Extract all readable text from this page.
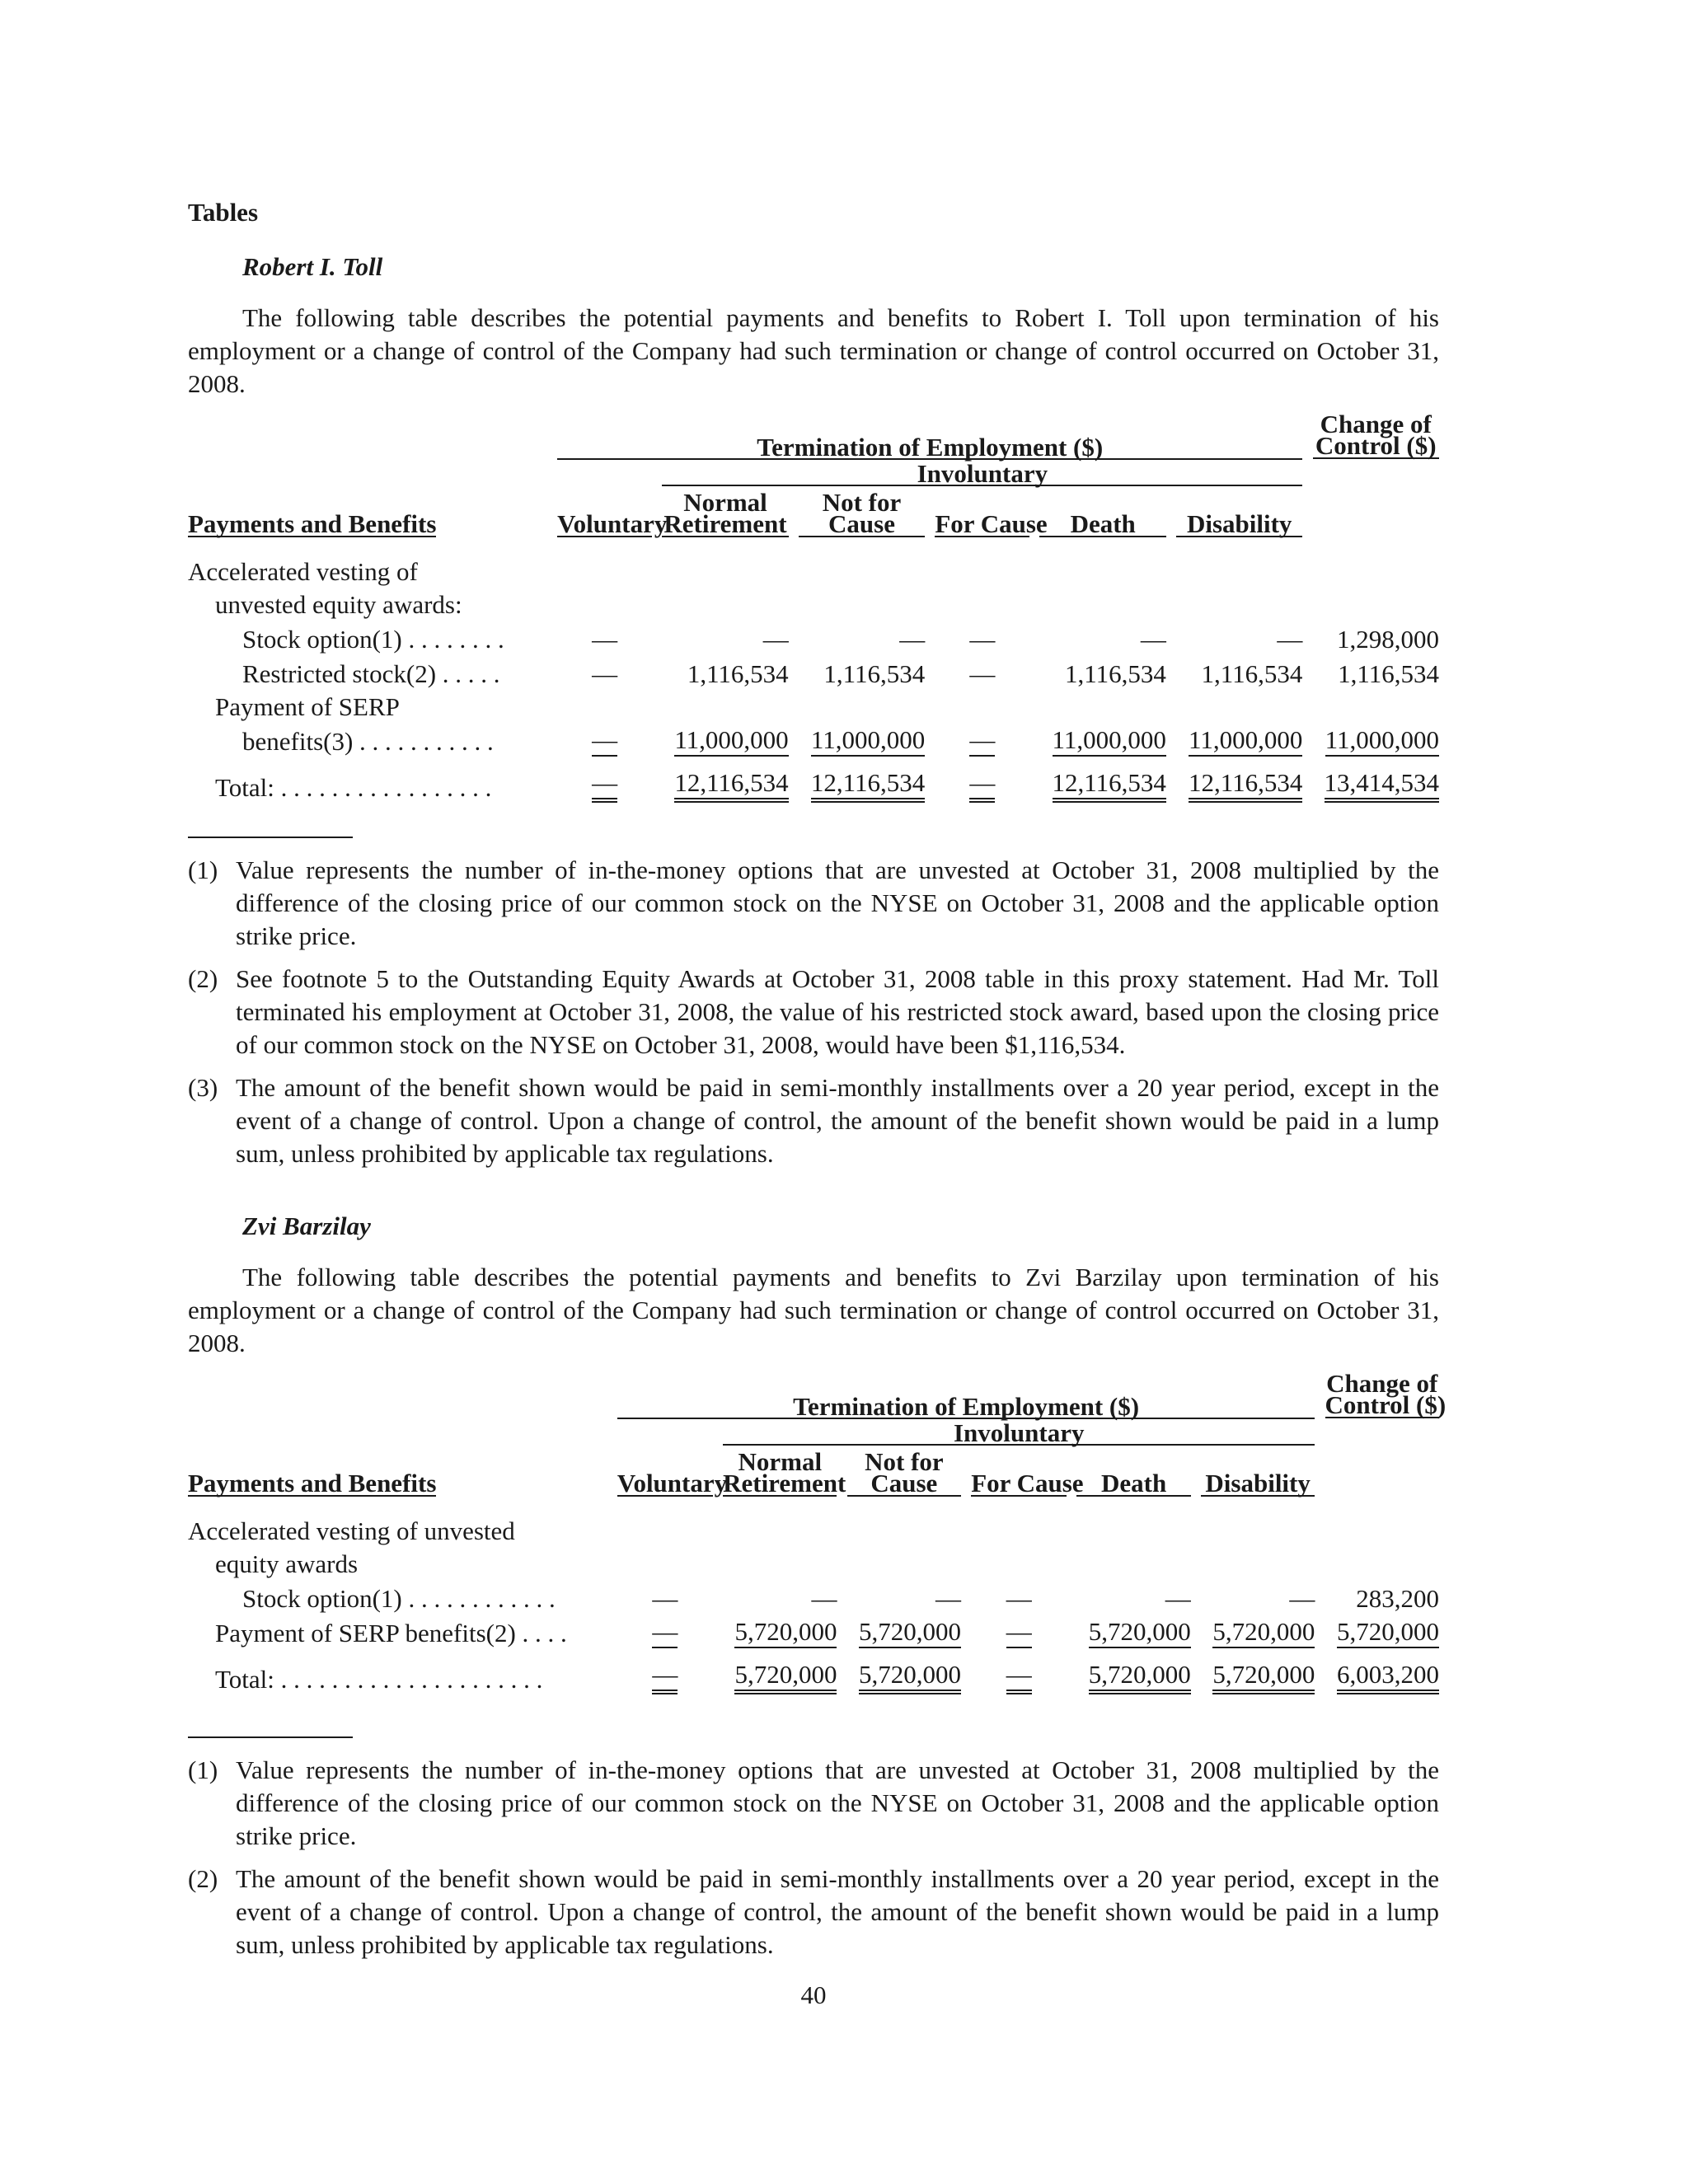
Tables
Robert I. Toll

The following table describes the potential payments and benefits to Robert I. Toll upon termination of his employment or a change of control of the Company had such termination or change of control occurred on October 31, 2008.

														Change of
		Termination of Employment ($)												Control ($)
				Involuntary										
				Normal		Not for								
Payments and Benefits		Voluntary		Retirement		Cause		For Cause		Death		Disability		

Accelerated vesting of														
unvested equity awards:														
Stock option(1) . . . . . . . .		—		—		—		—		—		—		1,298,000
Restricted stock(2) . . . . .		—		1,116,534		1,116,534		—		1,116,534		1,116,534		1,116,534
Payment of SERP														
benefits(3) . . . . . . . . . . .		—		11,000,000		11,000,000		—		11,000,000		11,000,000		11,000,000

Total: . . . . . . . . . . . . . . . . .		—		12,116,534		12,116,534		—		12,116,534		12,116,534		13,414,534
(1) Value represents the number of in-the-money options that are unvested at October 31, 2008 multiplied by the difference of the closing price of our common stock on the NYSE on October 31, 2008 and the applicable option strike price.
(2) See footnote 5 to the Outstanding Equity Awards at October 31, 2008 table in this proxy statement. Had Mr. Toll terminated his employment at October 31, 2008, the value of his restricted stock award, based upon the closing price of our common stock on the NYSE on October 31, 2008, would have been $1,116,534.
(3) The amount of the benefit shown would be paid in semi-monthly installments over a 20 year period, except in the event of a change of control. Upon a change of control, the amount of the benefit shown would be paid in a lump sum, unless prohibited by applicable tax regulations.
Zvi Barzilay

The following table describes the potential payments and benefits to Zvi Barzilay upon termination of his employment or a change of control of the Company had such termination or change of control occurred on October 31, 2008.

														Change of
		Termination of Employment ($)												Control ($)
				Involuntary										
				Normal		Not for								
Payments and Benefits		Voluntary		Retirement		Cause		For Cause		Death		Disability		

Accelerated vesting of unvested														
equity awards														
Stock option(1) . . . . . . . . . . . .		—		—		—		—		—		—		283,200
Payment of SERP benefits(2) . . . .		—		5,720,000		5,720,000		—		5,720,000		5,720,000		5,720,000

Total: . . . . . . . . . . . . . . . . . . . . .		—		5,720,000		5,720,000		—		5,720,000		5,720,000		6,003,200
(1) Value represents the number of in-the-money options that are unvested at October 31, 2008 multiplied by the difference of the closing price of our common stock on the NYSE on October 31, 2008 and the applicable option strike price.
(2) The amount of the benefit shown would be paid in semi-monthly installments over a 20 year period, except in the event of a change of control. Upon a change of control, the amount of the benefit shown would be paid in a lump sum, unless prohibited by applicable tax regulations.
40
